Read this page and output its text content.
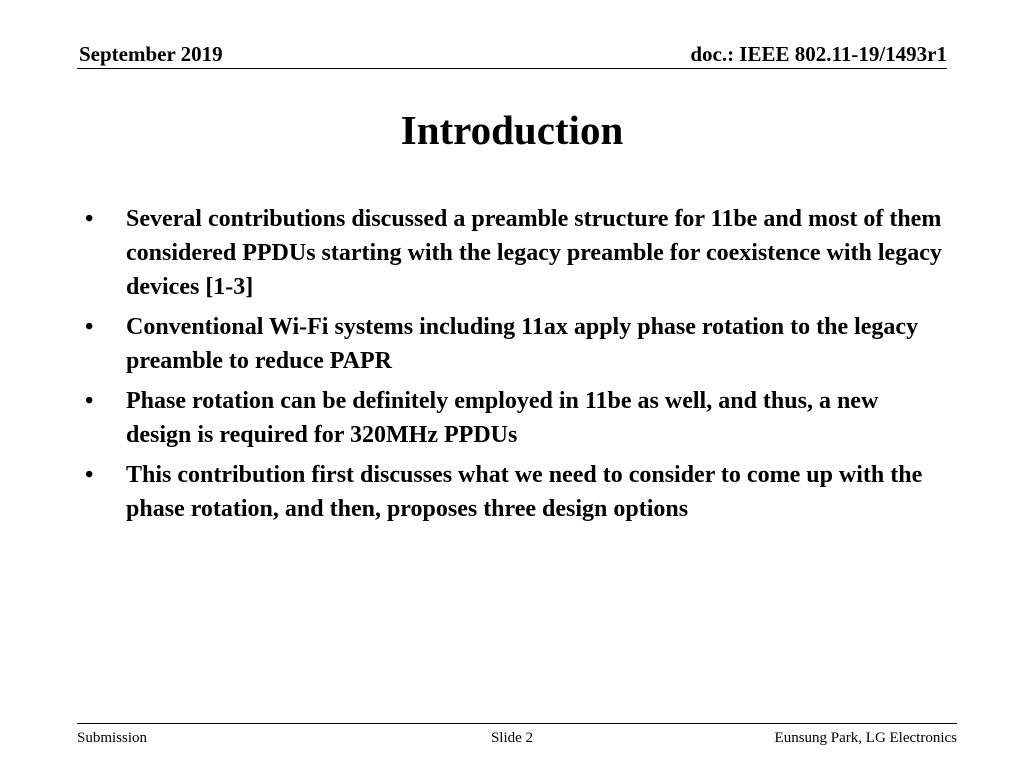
September 2019	doc.: IEEE 802.11-19/1493r1
Introduction
•	Several contributions discussed a preamble structure for 11be and most of them considered PPDUs starting with the legacy preamble for coexistence with legacy devices [1-3]
•	Conventional Wi-Fi systems including 11ax apply phase rotation to the legacy preamble to reduce PAPR
•	Phase rotation can be definitely employed in 11be as well, and thus, a new design is required for 320MHz PPDUs
•	This contribution first discusses what we need to consider to come up with the phase rotation, and then, proposes three design options
Submission	Slide 2	Eunsung Park, LG Electronics
